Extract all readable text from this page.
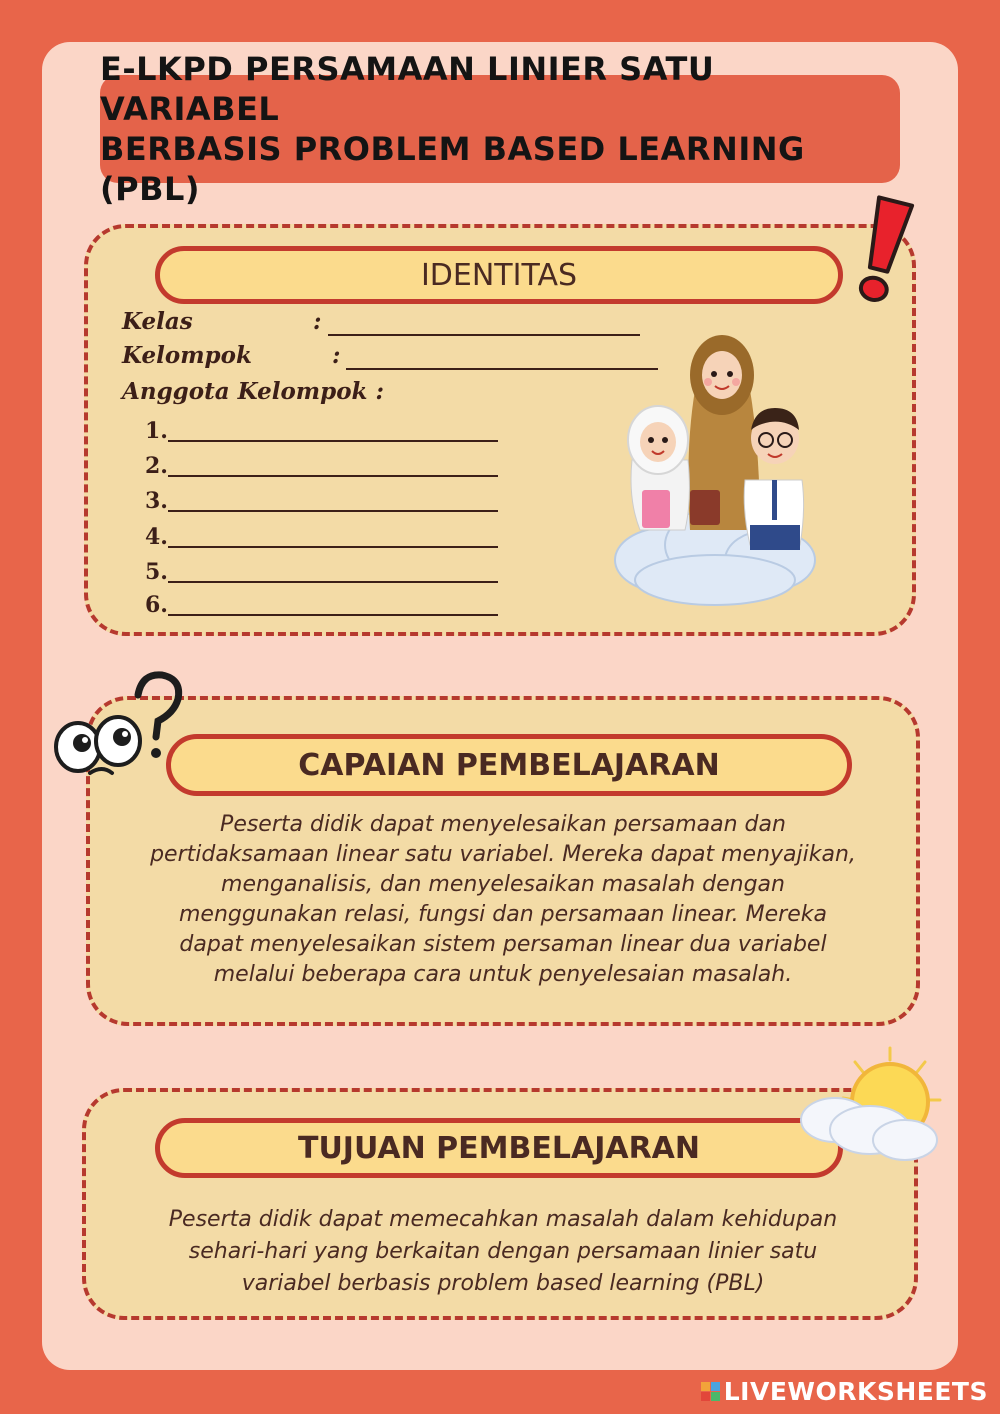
E-LKPD PERSAMAAN LINIER SATU VARIABEL
BERBASIS PROBLEM BASED LEARNING (PBL)
IDENTITAS
Kelas	:
Kelompok	:
Anggota Kelompok :
1.
2.
3.
4.
5.
6.
CAPAIAN PEMBELAJARAN
Peserta didik dapat menyelesaikan persamaan dan
pertidaksamaan linear satu variabel. Mereka dapat menyajikan,
menganalisis, dan menyelesaikan masalah dengan
menggunakan relasi, fungsi dan persamaan linear. Mereka
dapat menyelesaikan sistem persaman linear dua variabel
melalui beberapa cara untuk penyelesaian masalah.
TUJUAN PEMBELAJARAN
Peserta didik dapat memecahkan masalah dalam kehidupan
sehari-hari yang berkaitan dengan persamaan linier satu
variabel berbasis problem based learning (PBL)
LIVEWORKSHEETS
